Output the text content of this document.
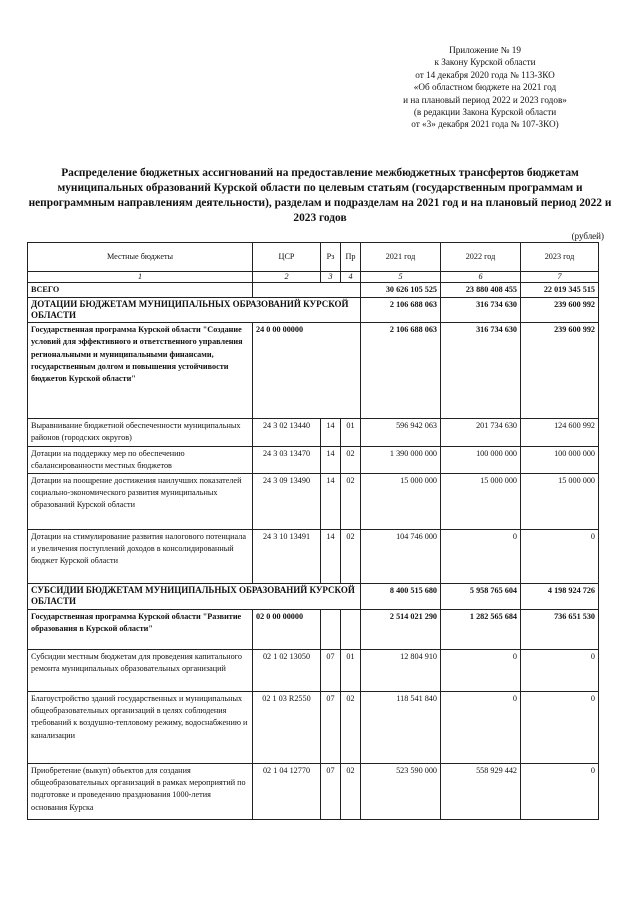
Приложение № 19
к Закону Курской области
от 14 декабря 2020 года № 113-ЗКО
«Об областном бюджете на 2021 год
и на плановый период 2022 и 2023 годов»
(в редакции Закона Курской области
от «3» декабря 2021 года № 107-ЗКО)
Распределение бюджетных ассигнований на предоставление межбюджетных трансфертов бюджетам муниципальных образований Курской области по целевым статьям (государственным программам и непрограммным направлениям деятельности), разделам и подразделам на 2021 год и на плановый период 2022 и 2023 годов
(рублей)
Местные бюджеты	ЦСР	Рз	Пр	2021 год	2022 год	2023 год
1	2	3	4	5	6	7
ВСЕГО				30 626 105 525	23 880 408 455	22 019 345 515
ДОТАЦИИ БЮДЖЕТАМ МУНИЦИПАЛЬНЫХ ОБРАЗОВАНИЙ КУРСКОЙ ОБЛАСТИ				2 106 688 063	316 734 630	239 600 992
Государственная программа Курской области "Создание условий для эффективного и ответственного управления региональными и муниципальными финансами, государственным долгом и повышения устойчивости бюджетов Курской области"	24 0 00 00000			2 106 688 063	316 734 630	239 600 992
Выравнивание бюджетной обеспеченности муниципальных районов (городских округов)	24 3 02 13440	14	01	596 942 063	201 734 630	124 600 992
Дотации на поддержку мер по обеспечению сбалансированности местных бюджетов	24 3 03 13470	14	02	1 390 000 000	100 000 000	100 000 000
Дотации на поощрение достижения наилучших показателей социально-экономического развития муниципальных образований Курской области	24 3 09 13490	14	02	15 000 000	15 000 000	15 000 000
Дотации на стимулирование развития налогового потенциала и увеличения поступлений доходов в консолидированный бюджет Курской области	24 3 10 13491	14	02	104 746 000	0	0
СУБСИДИИ БЮДЖЕТАМ МУНИЦИПАЛЬНЫХ ОБРАЗОВАНИЙ КУРСКОЙ ОБЛАСТИ				8 400 515 680	5 958 765 604	4 198 924 726
Государственная программа Курской области "Развитие образования в Курской области"	02 0 00 00000			2 514 021 290	1 282 565 684	736 651 530
Субсидии местным бюджетам для проведения капитального ремонта муниципальных образовательных организаций	02 1 02 13050	07	01	12 804 910	0	0
Благоустройство зданий государственных и муниципальных общеобразовательных организаций в целях соблюдения требований к воздушно-тепловому режиму, водоснабжению и канализации	02 1 03 R2550	07	02	118 541 840	0	0
Приобретение (выкуп) объектов для создания общеобразовательных организаций в рамках мероприятий по подготовке и проведению празднования 1000-летия основания Курска	02 1 04 12770	07	02	523 590 000	558 929 442	0
